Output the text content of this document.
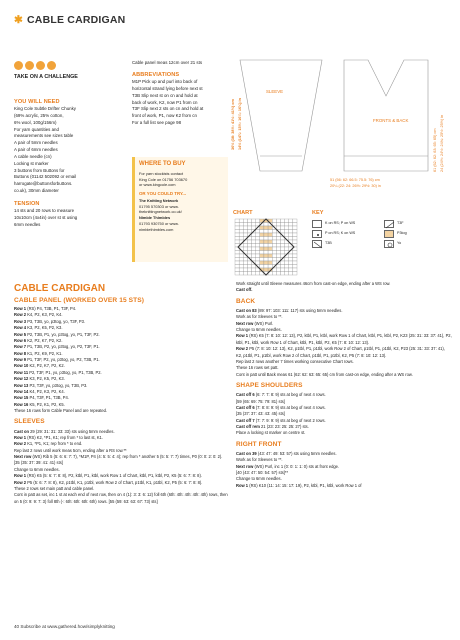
✱ CABLE CARDIGAN
TAKE ON A CHALLENGE
YOU WILL NEED
King Cole Subtle Drifter Chunky
(69% acrylic, 25% cotton,
6% wool, 100g/156m)
For yarn quantities and
measurements see sizes table
A pair of 5mm needles
A pair of 6mm needles
A cable needle (cn)
Locking st marker
3 buttons from Buttons for
Buttons (01142 502092 or email
harrogate@buttonsforbuttons.
co.uk), 30mm diameter
TENSION
14 sts and 20 rows to measure
10x10cm (4x4in) over st st using
6mm needles
Cable panel meas 12cm over 21 sts
ABBREVIATIONS
M1P Pick up and purl into back of
horizontal strand lying before next st
T3B Slip next st on cn and hold at
back of work, K2, now P1 from cn
T3F Slip next 2 sts on cn and hold at
front of work, P1, now K2 from cn
For a full list see page 98
WHERE TO BUY
For yarn stockists contact
King Cole on 01756 703670
or www.kingcole.com
OR YOU COULD TRY...
The Knitting Network
01795 570303 or www.
theknittingnetwork.co.uk/
Nimble Thimbles
01793 930750 or www.
nimblethimbles.com
SLEEVE
FRONTS & BACK
36½ (38: 38½: 41½: 41½) cm 14½ (14¾: 15½: 16¼: 16¼) in
51 (56: 62: 66.5: 75.5: 76) cm
20¼ (22: 24: 26½: 29½: 30) in
61 (62: 62: 63: 65: 65) cm 24 (24½: 24½: 24¾: 25½: 25½) in
CHART	KEY
K on RS; P on WS	T3F
P on RS; K on WS	P3tog
T3B	Yo
CABLE CARDIGAN
CABLE PANEL (WORKED OVER 15 STS)
Row 1 (RS) P4, T3B, P1, T3F, P4.
Row 2 K4, P2, K3, P2, K4.
Row 3 P3, T3B, yo, p3tog, yo, T3F, P3.
Row 4 K3, P2, K5, P2, K3.
Row 5 P2, T3B, P1, yo, p3tog, yo, P1, T3F, P2.
Row 6 K2, P2, K7, P2, K2.
Row 7 P1, T3B, P2, yo, p3tog, yo, P2, T3F, P1.
Row 8 K1, P2, K9, P2, K1.
Row 9 P1, T3F, P2, yo, p3tog, yo, P2, T3B, P1.
Row 10 K2, P2, K7, P2, K2.
Row 11 P2, T3F, P1, yo, p3tog, yo, P1, T3B, P2.
Row 12 K3, P2, K5, P2, K3.
Row 13 P3, T3F, yo, p3tog, yo, T3B, P3.
Row 14 K4, P2, K3, P2, K4.
Row 15 P4, T3F, P1, T3B, P4.
Row 16 K5, P2, K1, P2, K5.
These 16 rows form Cable Panel and are repeated.
SLEEVES
Cast on 29 (29: 31: 31: 33: 33) sts using 5mm needles.
Row 1 (RS) K2, *P1, K1; rep from * to last st, K1.
Row 2 K1, *P1, K1; rep from * to end.
Rep last 2 rows until work meas 5cm, ending after a RS row.**
Next row (WS) Rib 5 (5: 6: 6: 7: 7), *M1P, P4 (4: 5: 5: 4: 4); rep from * another 5 (5: 5: 7: 7) times, P0 (0: 0: 2: 0: 2).
[35 (35: 37: 39: 41: 41) sts]
Change to 6mm needles.
Row 1 (RS) K5 (5: 6: 7: 8: 8), P2, ktbl, P1, ktbl, work Row 1 of Chart, ktbl, P1, ktbl, P2, K5 (5: 6: 7: 8: 8).
Row 2 P5 (5: 6: 7: 8: 8), K2, p1tbl, K1, p1tbl, work Row 2 of Chart, p1tbl, K1, p1tbl, K2, P5 (5: 6: 7: 8: 8).
These 2 rows set main patt and cable panel.
Cont in patt as set, inc 1 st at each end of next row, then on 4 (1): 3: 3: 6: 12) foll 6th (6th: 4th: 4th: 4th: 4th) rows, then on 5 (0: 9: 9: 7: 3) foll 8th (-: 6th: 6th: 6th: 6th) rows. [55 (59: 63: 63: 67: 73) sts]
Work straight until Sleeve measures 46cm from cast-on edge, ending after a WS row.
Cast off.
BACK
Cast on 83 (89: 97: 103: 111: 117) sts using 5mm needles.
Work as for Sleeves to **.
Next row (WS) Purl.
Change to 6mm needles.
Row 1 (RS) K5 (7: 8: 10: 12: 13), P2, ktbl, P1, ktbl, work Row 1 of Chart, ktbl, P1, ktbl, P2, K23 (25: 31: 33: 37: 41), P2, ktbl, P1, ktbl, work Row 1 of Chart, ktbl, P1, ktbl, P2, K5 (7: 8: 10: 12: 13).
Row 2 P5 (7: 8: 10: 12: 13), K2, p1tbl, P1, p1tbl, work Row 2 of Chart, p1tbl, P1, p1tbl, K2, P23 (25: 31: 33: 37: 41), K2, p1tbl, P1, p1tbl, work Row 2 of Chart, p1tbl, P1, p1tbl, K2, P5 (7: 8: 10: 12: 13).
Rep last 2 rows another 7 times working consecutive Chart rows.
These 16 rows set patt.
Cont in patt until Back meas 61 (62: 62: 63: 65: 65) cm from cast-on edge, ending after a WS row.
SHAPE SHOULDERS
Cast off 6 (6: 7: 7: 8: 9) sts at beg of next 4 rows.
[59 (65: 69: 75: 79: 81) sts]
Cast off 6 (7: 8: 8: 9: 9) sts at beg of next 4 rows.
[35 (37: 37: 43: 43: 45) sts]
Cast off 7 (7: 7: 9: 9: 9) sts at beg of next 2 rows.
Cast off rem 21 (23: 23: 25: 25: 27) sts.
Place a locking st marker on centre st.
RIGHT FRONT
Cast on 39 (43: 47: 49: 53: 57) sts using 5mm needles.
Work as for Sleeves to **.
Next row (WS) Purl, inc 1 (0: 0: 1: 1: 0) sts at front edge.
[40 (43: 47: 50: 54: 57) sts]**
Change to 6mm needles.
Row 1 (RS) K10 (11: 14: 15: 17: 19), P2, ktbl, P1, ktbl, work Row 1 of
40 Subscribe at www.gathered.how/simplyknitting
